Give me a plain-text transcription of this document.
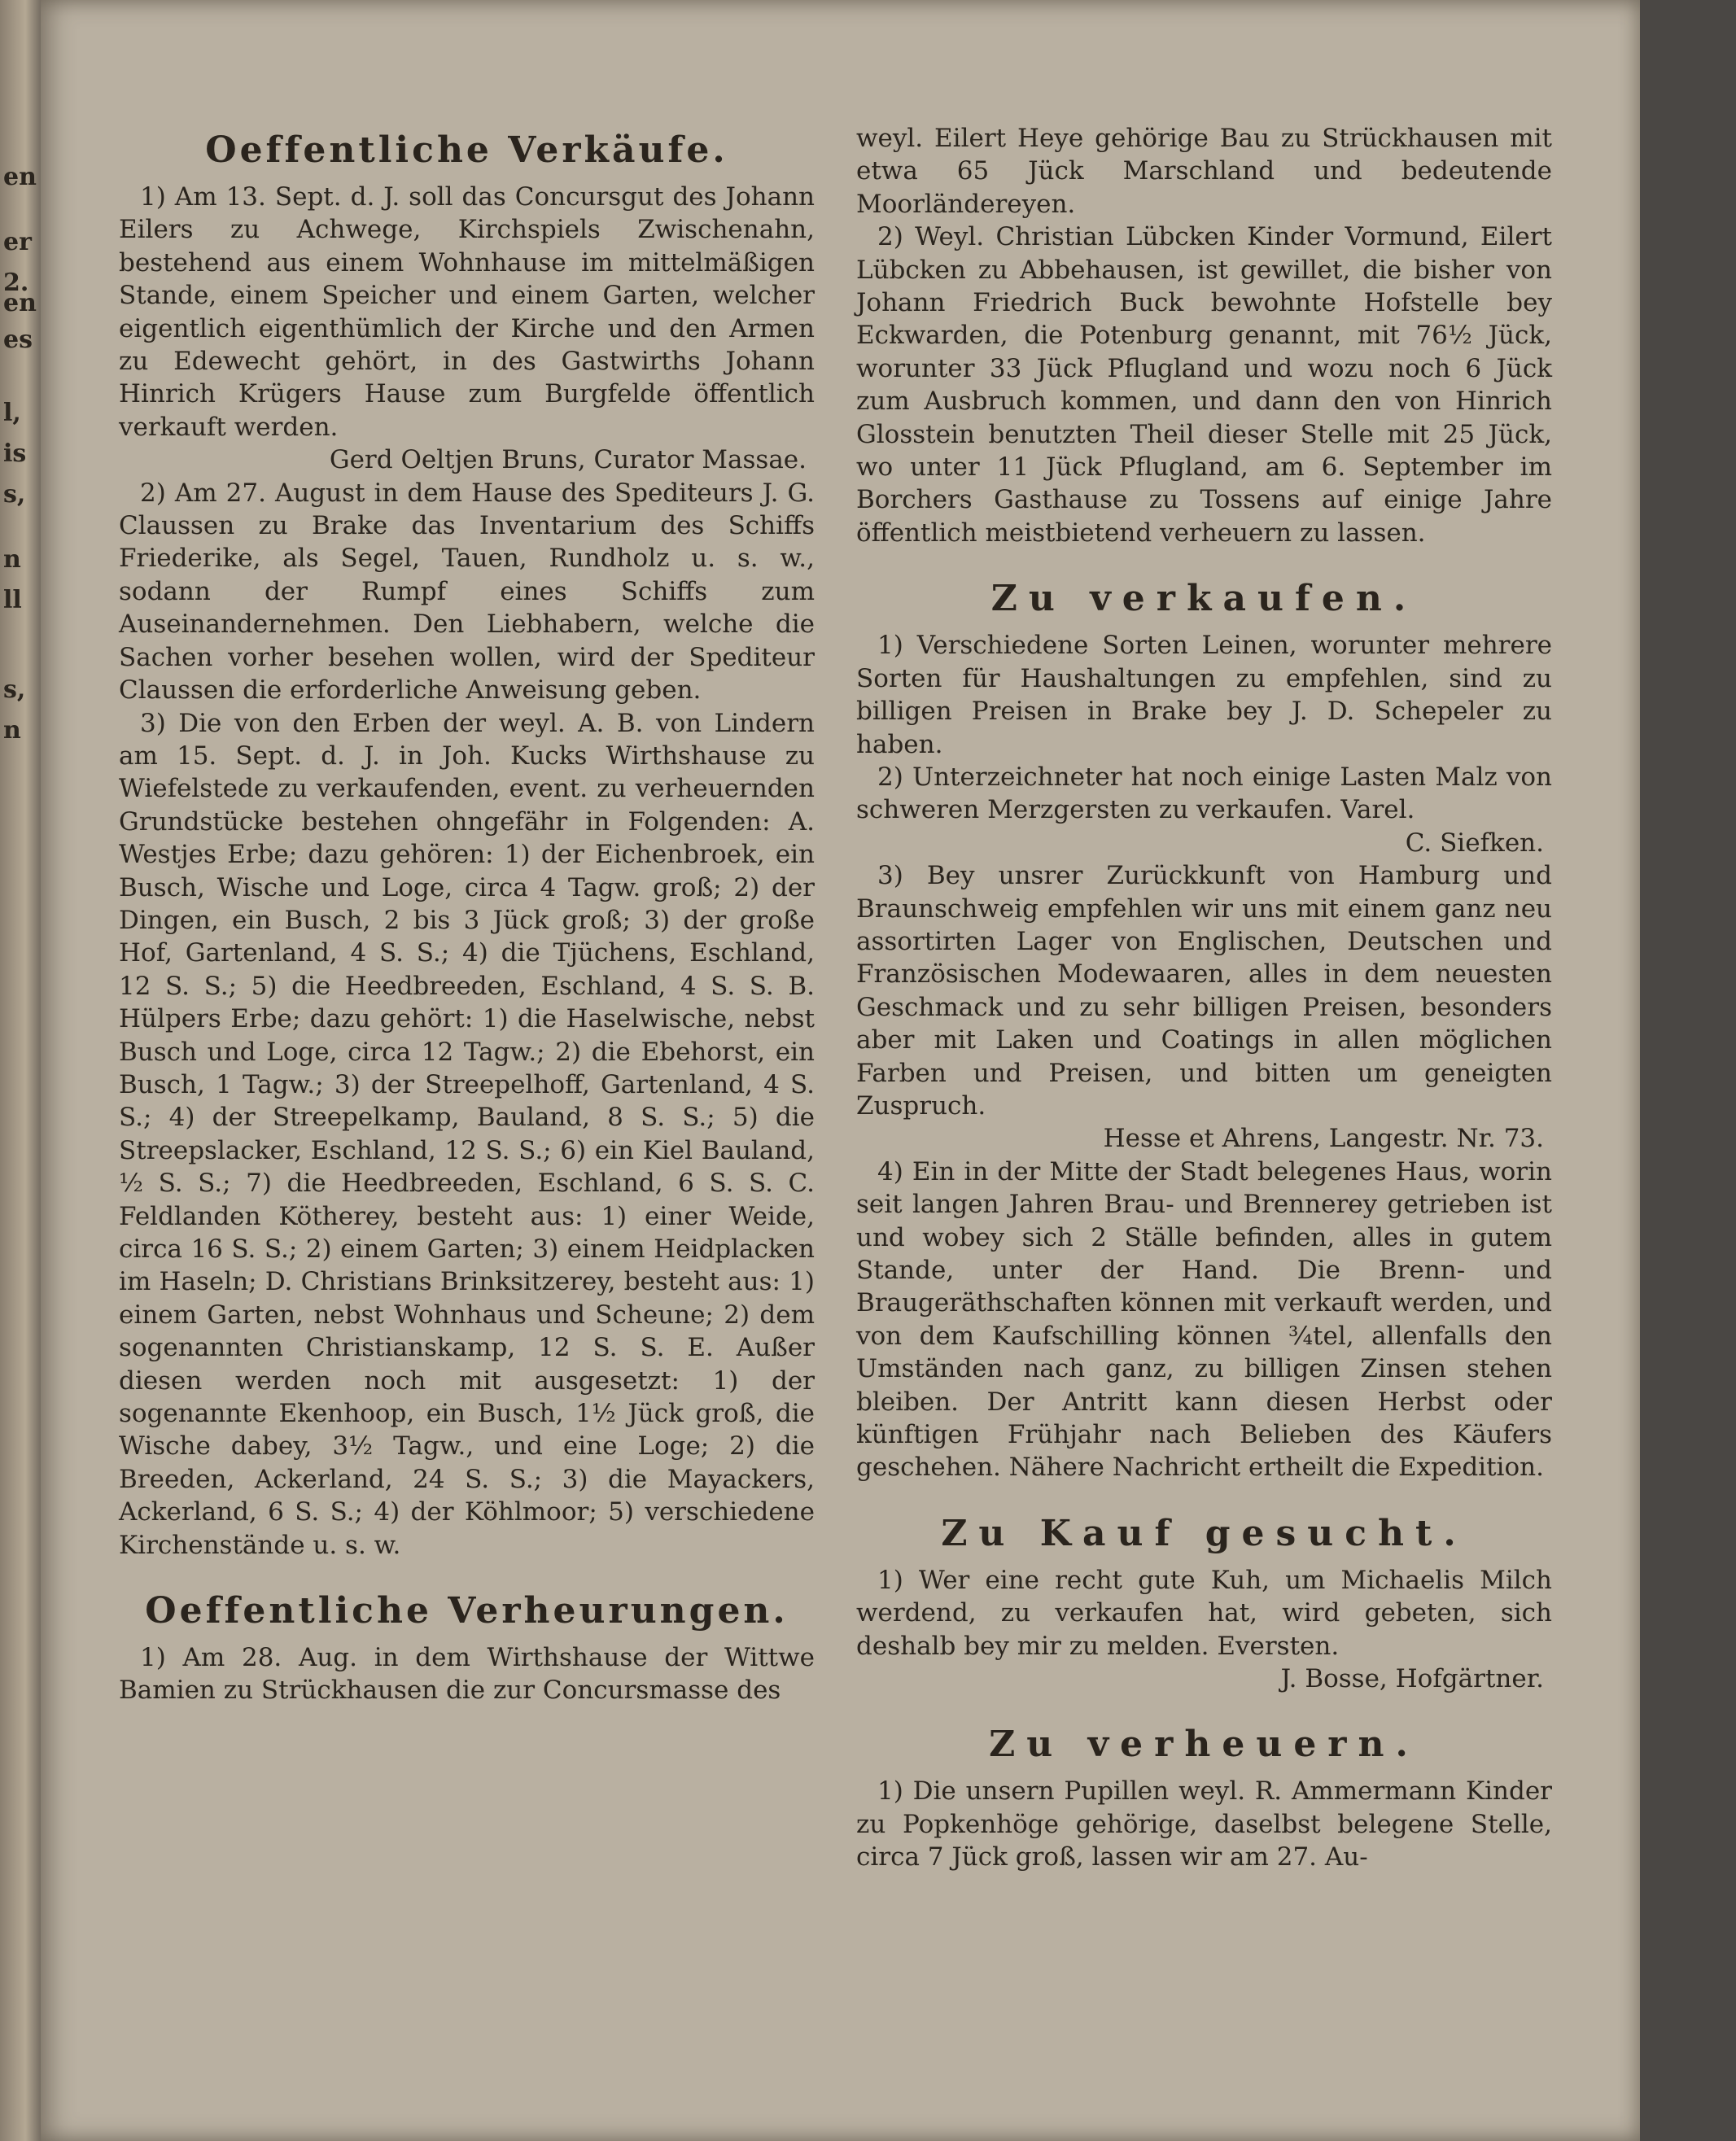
en
er
2.
en
es
l,
is
s,
n
ll
s,
n
Oeffentliche Verkäufe.

1) Am 13. Sept. d. J. soll das Concursgut des Johann Eilers zu Achwege, Kirchspiels Zwischenahn, bestehend aus einem Wohnhause im mittelmäßigen Stande, einem Speicher und einem Garten, welcher eigentlich eigenthümlich der Kirche und den Armen zu Edewecht gehört, in des Gastwirths Johann Hinrich Krügers Hause zum Burgfelde öffentlich verkauft werden.

Gerd Oeltjen Bruns, Curator Massae.

2) Am 27. August in dem Hause des Spediteurs J. G. Claussen zu Brake das Inventarium des Schiffs Friederike, als Segel, Tauen, Rundholz u. s. w., sodann der Rumpf eines Schiffs zum Auseinandernehmen. Den Liebhabern, welche die Sachen vorher besehen wollen, wird der Spediteur Claussen die erforderliche Anweisung geben.

3) Die von den Erben der weyl. A. B. von Lindern am 15. Sept. d. J. in Joh. Kucks Wirthshause zu Wiefelstede zu verkaufenden, event. zu verheuernden Grundstücke bestehen ohngefähr in Folgenden: A. Westjes Erbe; dazu gehören: 1) der Eichenbroek, ein Busch, Wische und Loge, circa 4 Tagw. groß; 2) der Dingen, ein Busch, 2 bis 3 Jück groß; 3) der große Hof, Gartenland, 4 S. S.; 4) die Tjüchens, Eschland, 12 S. S.; 5) die Heedbreeden, Eschland, 4 S. S. B. Hülpers Erbe; dazu gehört: 1) die Haselwische, nebst Busch und Loge, circa 12 Tagw.; 2) die Ebehorst, ein Busch, 1 Tagw.; 3) der Streepelhoff, Gartenland, 4 S. S.; 4) der Streepelkamp, Bauland, 8 S. S.; 5) die Streepslacker, Eschland, 12 S. S.; 6) ein Kiel Bauland, ½ S. S.; 7) die Heedbreeden, Eschland, 6 S. S. C. Feldlanden Kötherey, besteht aus: 1) einer Weide, circa 16 S. S.; 2) einem Garten; 3) einem Heidplacken im Haseln; D. Christians Brinksitzerey, besteht aus: 1) einem Garten, nebst Wohnhaus und Scheune; 2) dem sogenannten Christianskamp, 12 S. S. E. Außer diesen werden noch mit ausgesetzt: 1) der sogenannte Ekenhoop, ein Busch, 1½ Jück groß, die Wische dabey, 3½ Tagw., und eine Loge; 2) die Breeden, Ackerland, 24 S. S.; 3) die Mayackers, Ackerland, 6 S. S.; 4) der Köhlmoor; 5) verschiedene Kirchenstände u. s. w.

Oeffentliche Verheurungen.

1) Am 28. Aug. in dem Wirthshause der Wittwe Bamien zu Strückhausen die zur Concursmasse des

weyl. Eilert Heye gehörige Bau zu Strückhausen mit etwa 65 Jück Marschland und bedeutende Moorländereyen.

2) Weyl. Christian Lübcken Kinder Vormund, Eilert Lübcken zu Abbehausen, ist gewillet, die bisher von Johann Friedrich Buck bewohnte Hofstelle bey Eckwarden, die Potenburg genannt, mit 76½ Jück, worunter 33 Jück Pflugland und wozu noch 6 Jück zum Ausbruch kommen, und dann den von Hinrich Glosstein benutzten Theil dieser Stelle mit 25 Jück, wo unter 11 Jück Pflugland, am 6. September im Borchers Gasthause zu Tossens auf einige Jahre öffentlich meistbietend verheuern zu lassen.

Zu verkaufen.

1) Verschiedene Sorten Leinen, worunter mehrere Sorten für Haushaltungen zu empfehlen, sind zu billigen Preisen in Brake bey J. D. Schepeler zu haben.

2) Unterzeichneter hat noch einige Lasten Malz von schweren Merzgersten zu verkaufen. Varel.

C. Siefken.

3) Bey unsrer Zurückkunft von Hamburg und Braunschweig empfehlen wir uns mit einem ganz neu assortirten Lager von Englischen, Deutschen und Französischen Modewaaren, alles in dem neuesten Geschmack und zu sehr billigen Preisen, besonders aber mit Laken und Coatings in allen möglichen Farben und Preisen, und bitten um geneigten Zuspruch.

Hesse et Ahrens, Langestr. Nr. 73.

4) Ein in der Mitte der Stadt belegenes Haus, worin seit langen Jahren Brau- und Brennerey getrieben ist und wobey sich 2 Ställe befinden, alles in gutem Stande, unter der Hand. Die Brenn- und Braugeräthschaften können mit verkauft werden, und von dem Kaufschilling können ¾tel, allenfalls den Umständen nach ganz, zu billigen Zinsen stehen bleiben. Der Antritt kann diesen Herbst oder künftigen Frühjahr nach Belieben des Käufers geschehen. Nähere Nachricht ertheilt die Expedition.

Zu Kauf gesucht.

1) Wer eine recht gute Kuh, um Michaelis Milch werdend, zu verkaufen hat, wird gebeten, sich deshalb bey mir zu melden. Eversten.

J. Bosse, Hofgärtner.

Zu verheuern.

1) Die unsern Pupillen weyl. R. Ammermann Kinder zu Popkenhöge gehörige, daselbst belegene Stelle, circa 7 Jück groß, lassen wir am 27. Au-
